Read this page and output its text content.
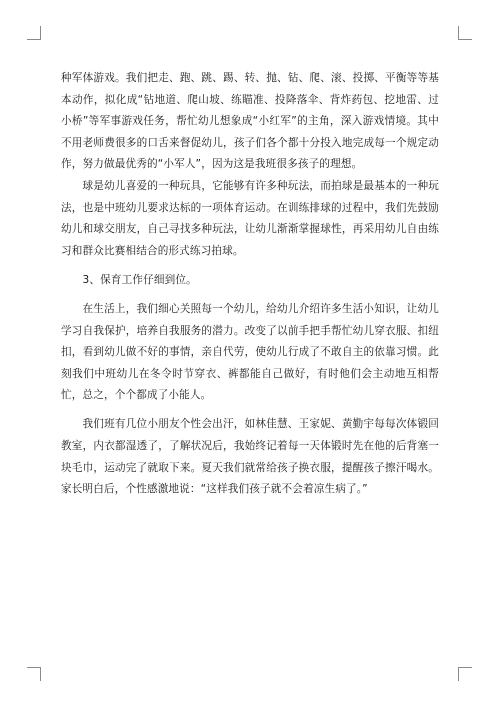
种军体游戏。我们把走、跑、跳、踢、转、抛、钻、爬、滚、投掷、平衡等等基本动作，拟化成“钻地道、爬山坡、练瞄准、投降落伞、背炸药包、挖地雷、过小桥”等军事游戏任务，帮忙幼儿想象成“小红军”的主角，深入游戏情境。其中不用老师费很多的口舌来督促幼儿，孩子们各个都十分投入地完成每一个规定动作，努力做最优秀的“小军人”，因为这是我班很多孩子的理想。

球是幼儿喜爱的一种玩具，它能够有许多种玩法，而拍球是最基本的一种玩法，也是中班幼儿要求达标的一项体育运动。在训练排球的过程中，我们先鼓励幼儿和球交朋友，自己寻找多种玩法，让幼儿渐渐掌握球性，再采用幼儿自由练习和群众比赛相结合的形式练习拍球。

3、保育工作仔细到位。

在生活上，我们细心关照每一个幼儿，给幼儿介绍许多生活小知识，让幼儿学习自我保护，培养自我服务的潜力。改变了以前手把手帮忙幼儿穿衣服、扣纽扣，看到幼儿做不好的事情，亲自代劳，使幼儿行成了不敢自主的依靠习惯。此刻我们中班幼儿在冬令时节穿衣、裤都能自己做好，有时他们会主动地互相帮忙，总之，个个都成了小能人。

我们班有几位小朋友个性会出汗，如林佳慧、王家妮、黄勤宇每每次体锻回教室，内衣都湿透了，了解状况后，我始终记着每一天体锻时先在他的后背塞一块毛巾，运动完了就取下来。夏天我们就常给孩子换衣服，提醒孩子擦汗喝水。家长明白后，个性感激地说：“这样我们孩子就不会着凉生病了。”
